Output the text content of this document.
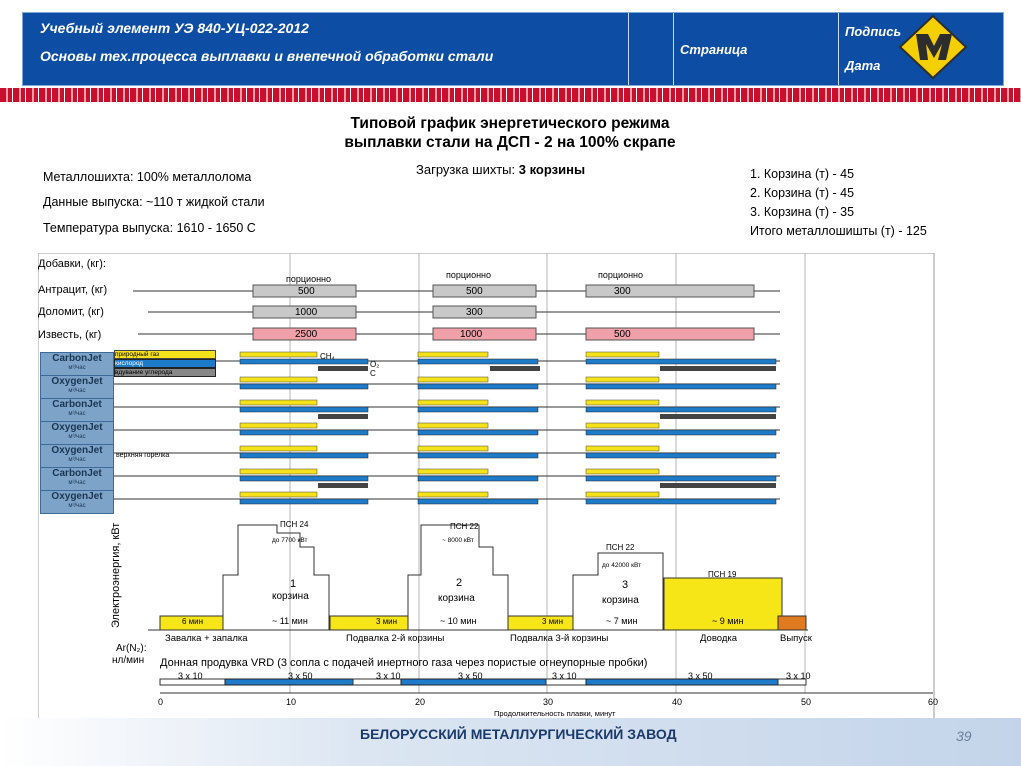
Учебный элемент УЭ 840-УЦ-022-2012
Основы тех.процесса выплавки и внепечной обработки стали	Страница
Подпись
Дата
Типовой график энергетического режима
выплавки стали на ДСП - 2 на 100% скрапе
Металлошихта: 100% металлолома
Данные выпуска: ~110 т жидкой стали
Температура выпуска: 1610 - 1650 С
Загрузка шихты: 3 корзины	1. Корзина (т) - 45
2. Корзина (т) - 45
3. Корзина (т) - 35
Итого металлошишты (т) - 125
Добавки, (кг):
Антрацит, (кг)
Доломит, (кг)
Известь, (кг)
порционно	порционно	порционно
500	500	300
1000	300
2500	1000	500
CarbonJet
м³/час
OxygenJet
м³/час
CarbonJet
м³/час
OxygenJet
м³/час
OxygenJet
м³/час
CarbonJet
м³/час
OxygenJet
м³/час
природный газ
кислород
вдувание углерода
верхняя горелка
CH₄
O₂
C
Электроэнергия, кВт	ПСН 24
до 7700 кВт
1
корзина
~ 11 мин
ПСН 22
~ 8000 кВт
2
корзина
~ 10 мин
ПСН 22
до 42000 кВт
3
корзина
~ 7 мин
ПСН 19
~ 9 мин
6 мин	3 мин	3 мин
Завалка + запалка	Подвалка 2-й корзины	Подвалка 3-й корзины	Доводка	Выпуск
Ar(N₂):
нл/мин Донная продувка VRD (3 сопла с подачей инертного газа через пористые огнеупорные пробки)
3 x 10	3 x 50	3 x 10	3 x 50	3 x 10	3 x 50	3 x 10
0	10	20	30	40	50	60
Продолжительность плавки, минут
БЕЛОРУССКИЙ МЕТАЛЛУРГИЧЕСКИЙ ЗАВОД	39
